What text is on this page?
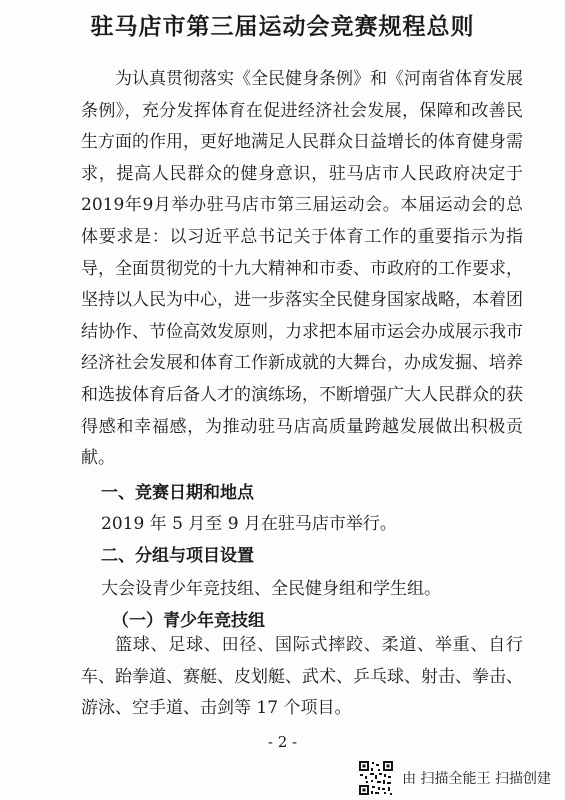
驻马店市第三届运动会竞赛规程总则
为认真贯彻落实《全民健身条例》和《河南省体育发展条例》，充分发挥体育在促进经济社会发展，保障和改善民生方面的作用，更好地满足人民群众日益增长的体育健身需求，提高人民群众的健身意识，驻马店市人民政府决定于2019年9月举办驻马店市第三届运动会。本届运动会的总体要求是：以习近平总书记关于体育工作的重要指示为指导，全面贯彻党的十九大精神和市委、市政府的工作要求，坚持以人民为中心，进一步落实全民健身国家战略，本着团结协作、节俭高效发原则，力求把本届市运会办成展示我市经济社会发展和体育工作新成就的大舞台，办成发掘、培养和选拔体育后备人才的演练场，不断增强广大人民群众的获得感和幸福感，为推动驻马店高质量跨越发展做出积极贡献。
一、竞赛日期和地点
2019 年 5 月至 9 月在驻马店市举行。
二、分组与项目设置
大会设青少年竞技组、全民健身组和学生组。
（一）青少年竞技组
篮球、足球、田径、国际式摔跤、柔道、举重、自行车、跆拳道、赛艇、皮划艇、武术、乒乓球、射击、拳击、游泳、空手道、击剑等 17 个项目。
- 2 -
由 扫描全能王 扫描创建
